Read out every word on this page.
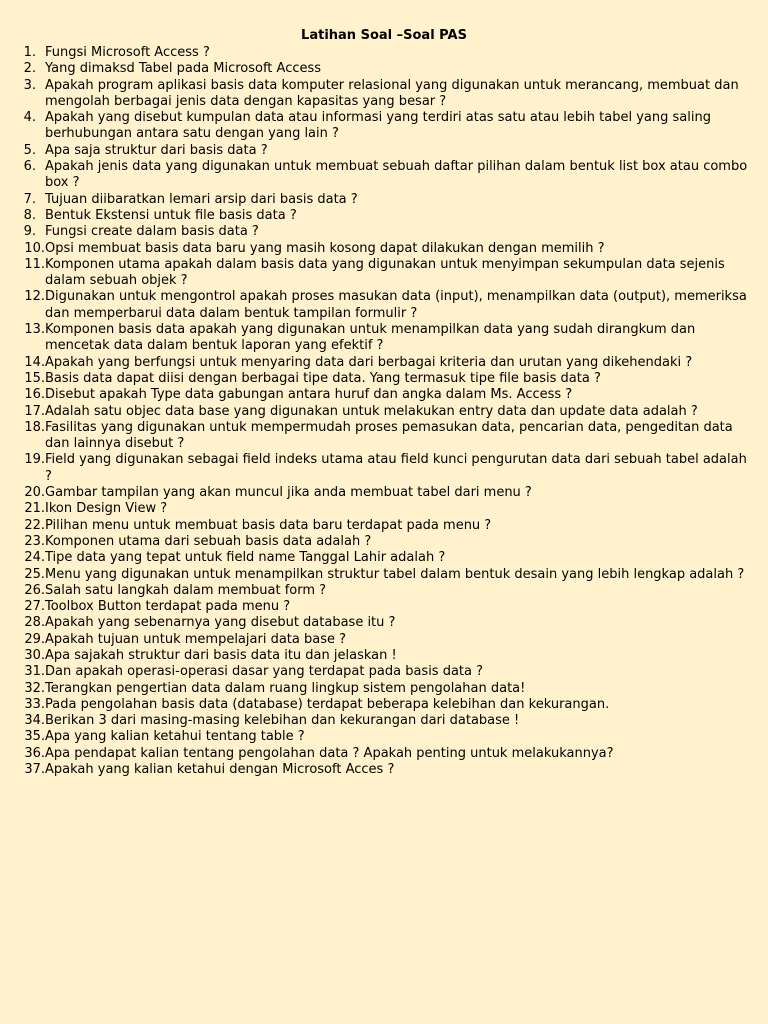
Latihan Soal –Soal PAS
1. Fungsi Microsoft Access ?
2. Yang dimaksd Tabel pada Microsoft Access
3. Apakah program aplikasi basis data komputer relasional yang digunakan untuk merancang, membuat dan mengolah berbagai jenis data dengan kapasitas yang besar ?
4. Apakah yang disebut kumpulan data atau informasi yang terdiri atas satu atau lebih tabel yang saling berhubungan antara satu dengan yang lain ?
5. Apa saja struktur dari basis data ?
6. Apakah jenis data yang digunakan untuk membuat sebuah daftar pilihan dalam bentuk list box atau combo box ?
7. Tujuan diibaratkan lemari arsip dari basis data ?
8. Bentuk Ekstensi untuk file basis data ?
9. Fungsi create dalam basis data ?
10. Opsi membuat basis data baru yang masih kosong dapat dilakukan dengan memilih ?
11. Komponen utama apakah dalam basis data yang digunakan untuk menyimpan sekumpulan data sejenis dalam sebuah objek ?
12. Digunakan untuk mengontrol apakah proses masukan data (input), menampilkan data (output), memeriksa dan memperbarui data dalam bentuk tampilan formulir ?
13. Komponen basis data apakah yang digunakan untuk menampilkan data yang sudah dirangkum dan mencetak data dalam bentuk laporan yang efektif ?
14. Apakah yang berfungsi untuk menyaring data dari berbagai kriteria dan urutan yang dikehendaki ?
15. Basis data dapat diisi dengan berbagai tipe data. Yang termasuk tipe file basis data ?
16. Disebut apakah Type data gabungan antara huruf dan angka dalam Ms. Access ?
17. Adalah satu objec data base yang digunakan untuk melakukan entry data dan update data adalah ?
18. Fasilitas yang digunakan untuk mempermudah proses pemasukan data, pencarian data, pengeditan data dan lainnya disebut ?
19. Field yang digunakan sebagai field indeks utama atau field kunci pengurutan data dari sebuah tabel adalah ?
20. Gambar tampilan yang akan muncul jika anda membuat tabel dari menu ?
21. Ikon Design View ?
22. Pilihan menu untuk membuat basis data baru terdapat pada menu ?
23. Komponen utama dari sebuah basis data adalah ?
24. Tipe data yang tepat untuk field name Tanggal Lahir adalah ?
25. Menu yang digunakan untuk menampilkan struktur tabel dalam bentuk desain yang lebih lengkap adalah ?
26. Salah satu langkah dalam membuat form ?
27. Toolbox Button terdapat pada menu ?
28. Apakah yang sebenarnya yang disebut database itu ?
29. Apakah tujuan untuk mempelajari data base ?
30. Apa sajakah struktur dari basis data itu dan jelaskan !
31. Dan apakah operasi-operasi dasar yang terdapat pada basis data ?
32. Terangkan pengertian data dalam ruang lingkup sistem pengolahan data!
33. Pada pengolahan basis data (database) terdapat beberapa kelebihan dan kekurangan.
34. Berikan 3 dari masing-masing kelebihan dan kekurangan dari database !
35. Apa yang kalian ketahui tentang table ?
36. Apa pendapat kalian tentang pengolahan data ? Apakah penting untuk melakukannya?
37. Apakah yang kalian ketahui dengan Microsoft Acces ?
